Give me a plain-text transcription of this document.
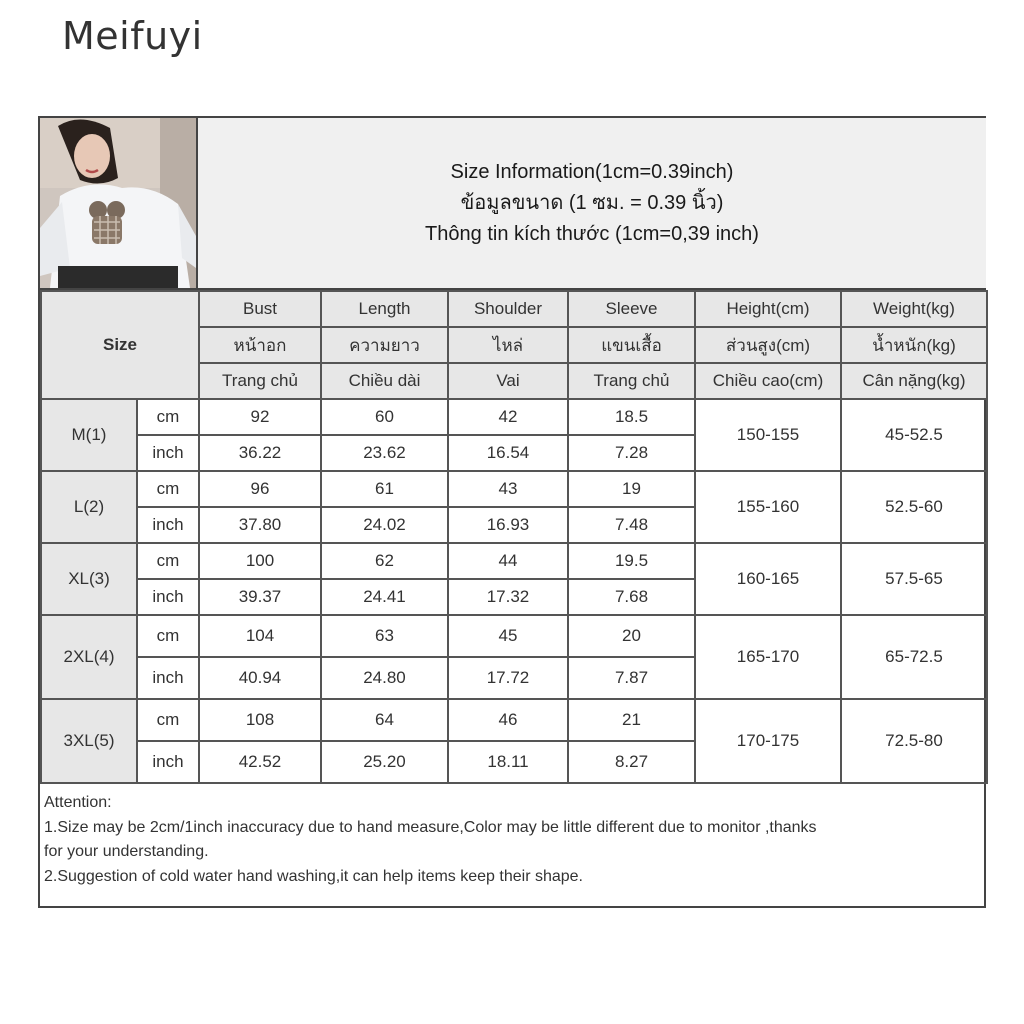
Meifuyi
Size Information(1cm=0.39inch)
ข้อมูลขนาด (1 ซม. = 0.39 นิ้ว)
Thông tin kích thước (1cm=0,39 inch)
Size		Bust	Length	Shoulder	Sleeve	Height(cm)	Weight(kg)
		หน้าอก	ความยาว	ไหล่	แขนเสื้อ	ส่วนสูง(cm)	น้ำหนัก(kg)
		Trang chủ	Chiều dài	Vai	Trang chủ	Chiều cao(cm)	Cân nặng(kg)
M(1)	cm	92	60	42	18.5	150-155	45-52.5
	inch	36.22	23.62	16.54	7.28		
L(2)	cm	96	61	43	19	155-160	52.5-60
	inch	37.80	24.02	16.93	7.48		
XL(3)	cm	100	62	44	19.5	160-165	57.5-65
	inch	39.37	24.41	17.32	7.68		
2XL(4)	cm	104	63	45	20	165-170	65-72.5
	inch	40.94	24.80	17.72	7.87		
3XL(5)	cm	108	64	46	21	170-175	72.5-80
	inch	42.52	25.20	18.11	8.27		
Attention:
1.Size may be 2cm/1inch inaccuracy due to hand measure,Color may be little different due to monitor ,thanks
for your understanding.
2.Suggestion of cold water hand washing,it can help items keep their shape.
